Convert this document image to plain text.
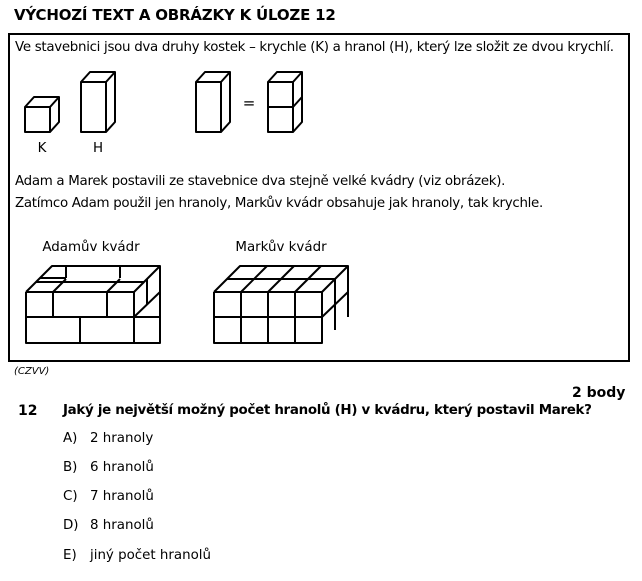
VÝCHOZÍ TEXT A OBRÁZKY K ÚLOZE 12
Ve stavebnici jsou dva druhy kostek – krychle (K) a hranol (H), který lze složit ze dvou krychlí.
K	H
=
Adamův kvádr	Markův kvádr
Adam a Marek postavili ze stavebnice dva stejně velké kvádry (viz obrázek).
Zatímco Adam použil jen hranoly, Markův kvádr obsahuje jak hranoly, tak krychle.
(CZVV)
2 body
12 Jaký je největší možný počet hranolů (H) v kvádru, který postavil Marek?
A) 2 hranoly
B) 6 hranolů
C) 7 hranolů
D) 8 hranolů
E) jiný počet hranolů
